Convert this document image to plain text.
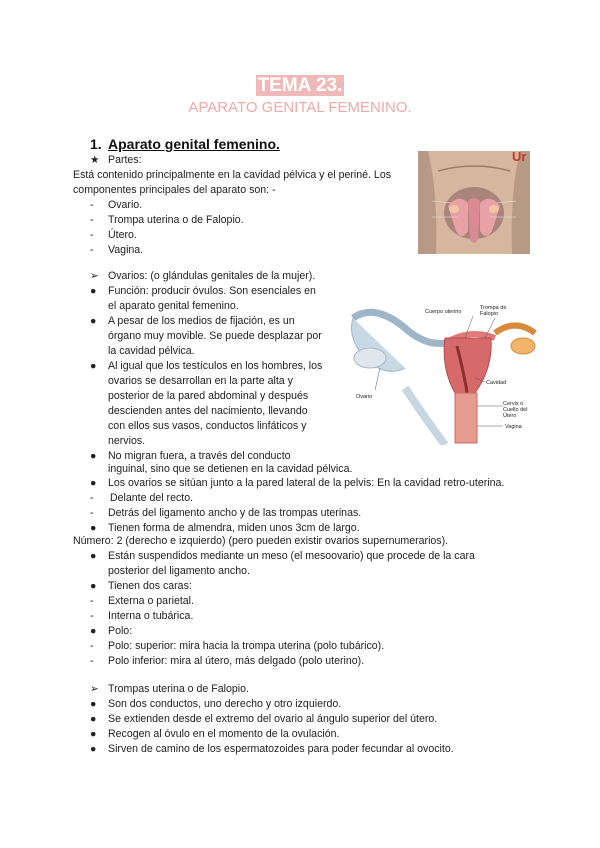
TEMA 23.
APARATO GENITAL FEMENINO.
1. Aparato genital femenino.
Ur
Cuerpo uterino
Trompa de Falopio
Ovario
Cavidad
Cervix o Cuello del Útero
Vagina
★
-
-
-
-
➢
●
●
●
●
●
-
-
●
●
●
-
-
●
-
-
➢
●
●
●
●
Partes:
Está contenido principalmente en la cavidad pélvica y el periné. Los
componentes principales del aparato son: -
Ovario.
Trompa uterina o de Falopio.
Útero.
Vagina.
Ovarios: (o glándulas genitales de la mujer).
Función: producir óvulos. Son esenciales en
el aparato genital femenino.
A pesar de los medios de fijación, es un
órgano muy movible. Se puede desplazar por
la cavidad pélvica.
Al igual que los testículos en los hombres, los
ovarios se desarrollan en la parte alta y
posterior de la pared abdominal y después
descienden antes del nacimiento, llevando
con ellos sus vasos, conductos linfáticos y
nervios.
No migran fuera, a través del conducto
inguinal, sino que se detienen en la cavidad pélvica.
Los ovarios se sitúan junto a la pared lateral de la pelvis: En la cavidad retro-uterina.
Delante del recto.
Detrás del ligamento ancho y de las trompas uterinas.
Tienen forma de almendra, miden unos 3cm de largo.
Número: 2 (derecho e izquierdo) (pero pueden existir ovarios supernumerarios).
Están suspendidos mediante un meso (el mesoovario) que procede de la cara
posterior del ligamento ancho.
Tienen dos caras:
Externa o parietal.
Interna o tubárica.
Polo:
Polo: superior: mira hacia la trompa uterina (polo tubárico).
Polo inferior: mira al útero, más delgado (polo uterino).
Trompas uterina o de Falopio.
Son dos conductos, uno derecho y otro izquierdo.
Se extienden desde el extremo del ovario al ángulo superior del útero.
Recogen al óvulo en el momento de la ovulación.
Sirven de camino de los espermatozoides para poder fecundar al ovocito.
